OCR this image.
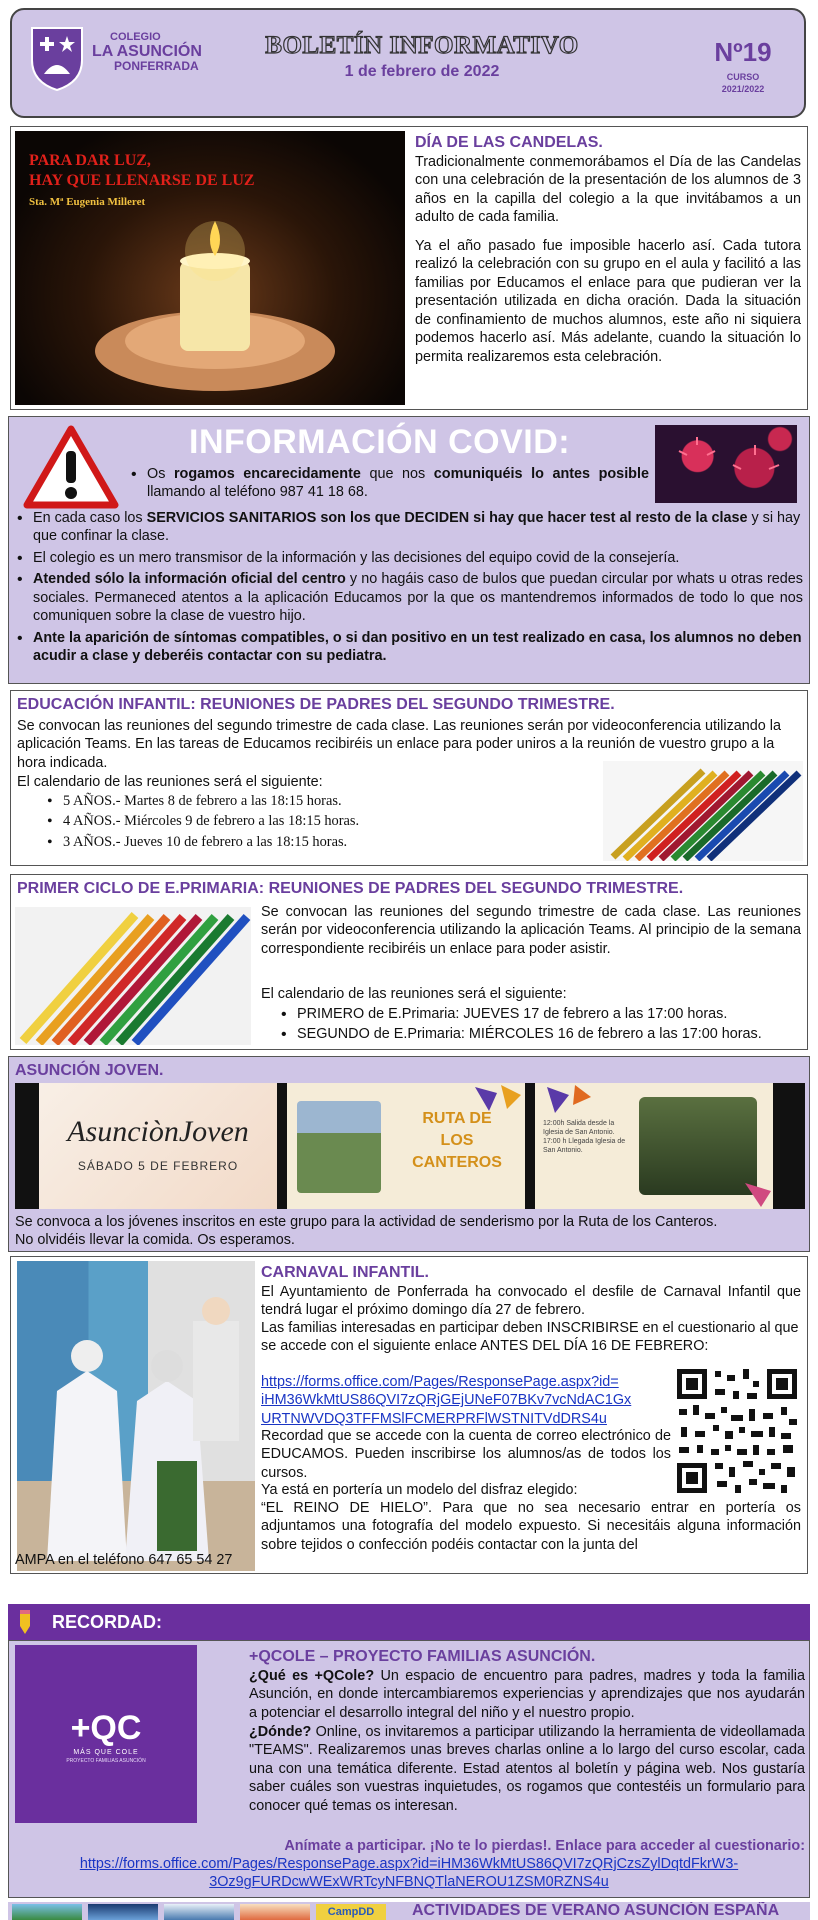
COLEGIO
LA ASUNCIÓN
PONFERRADA
BOLETÍN INFORMATIVO
1 de febrero de 2022
Nº19
CURSO
2021/2022
PARA DAR LUZ,
HAY QUE LLENARSE DE LUZ
Sta. Mª Eugenia Milleret
DÍA DE LAS CANDELAS.
Tradicionalmente conmemorábamos el Día de las Candelas con una celebración de la presentación de los alumnos de 3 años en la capilla del colegio a la que invitábamos a un adulto de cada familia.
Ya el año pasado fue imposible hacerlo así. Cada tutora realizó la celebración con su grupo en el aula y facilitó a las familias por Educamos el enlace para que pudieran ver la presentación utilizada en dicha oración. Dada la situación de confinamiento de muchos alumnos, este año ni siquiera podemos hacerlo así. Más adelante, cuando la situación lo permita realizaremos esta celebración.
INFORMACIÓN COVID:
• Os rogamos encarecidamente que nos comuniquéis lo antes posible llamando al teléfono 987 41 18 68.
• En cada caso los SERVICIOS SANITARIOS son los que DECIDEN si hay que hacer test al resto de la clase y si hay que confinar la clase.
• El colegio es un mero transmisor de la información y las decisiones del equipo covid de la consejería.
• Atended sólo la información oficial del centro y no hagáis caso de bulos que puedan circular por whats u otras redes sociales. Permaneced atentos a la aplicación Educamos por la que os mantendremos informados de todo lo que nos comuniquen sobre la clase de vuestro hijo.
• Ante la aparición de síntomas compatibles, o si dan positivo en un test realizado en casa, los alumnos no deben acudir a clase y deberéis contactar con su pediatra.
EDUCACIÓN INFANTIL: REUNIONES DE PADRES DEL SEGUNDO TRIMESTRE.
Se convocan las reuniones del segundo trimestre de cada clase. Las reuniones serán por videoconferencia utilizando la aplicación Teams. En las tareas de Educamos recibiréis un enlace para poder uniros a la reunión de vuestro grupo a la hora indicada.
El calendario de las reuniones será el siguiente:
• 5 AÑOS.- Martes 8 de febrero a las 18:15 horas.
• 4 AÑOS.- Miércoles 9 de febrero a las 18:15 horas.
• 3 AÑOS.- Jueves 10 de febrero a las 18:15 horas.
PRIMER CICLO DE E.PRIMARIA: REUNIONES DE PADRES DEL SEGUNDO TRIMESTRE.
Se convocan las reuniones del segundo trimestre de cada clase. Las reuniones serán por videoconferencia utilizando la aplicación Teams. Al principio de la semana correspondiente recibiréis un enlace para poder asistir.
El calendario de las reuniones será el siguiente:
• PRIMERO de E.Primaria: JUEVES 17 de febrero a las 17:00 horas.
• SEGUNDO de E.Primaria: MIÉRCOLES 16 de febrero a las 17:00 horas.
ASUNCIÓN JOVEN.
AsunciònJoven
SÁBADO 5 DE FEBRERO
RUTA DE
LOS
CANTEROS
12:00h Salida desde la Iglesia de San Antonio. 17:00 h Llegada Iglesia de San Antonio.
Se convoca a los jóvenes inscritos en este grupo para la actividad de senderismo por la Ruta de los Canteros.
No olvidéis llevar la comida. Os esperamos.
CARNAVAL INFANTIL.
El Ayuntamiento de Ponferrada ha convocado el desfile de Carnaval Infantil que tendrá lugar el próximo domingo día 27 de febrero.
Las familias interesadas en participar deben INSCRIBIRSE en el cuestionario al que se accede con el siguiente enlace ANTES DEL DÍA 16 DE FEBRERO:
https://forms.office.com/Pages/ResponsePage.aspx?id=
iHM36WkMtUS86QVI7zQRjGEjUNeF07BKv7vcNdAC1Gx
URTNWVDQ3TFFMSlFCMERPRFlWSTNITVdDRS4u
Recordad que se accede con la cuenta de correo electrónico de EDUCAMOS. Pueden inscribirse los alumnos/as de todos los cursos.
Ya está en portería un modelo del disfraz elegido:
“EL REINO DE HIELO”. Para que no sea necesario entrar en portería os adjuntamos una fotografía del modelo expuesto. Si necesitáis alguna información sobre tejidos o confección podéis contactar con la junta del
AMPA en el teléfono 647 65 54 27
RECORDAD:
+QC
MÁS QUE COLE
PROYECTO FAMILIAS ASUNCIÓN
+QCOLE – PROYECTO FAMILIAS ASUNCIÓN.
¿Qué es +QCole? Un espacio de encuentro para padres, madres y toda la familia Asunción, en donde intercambiaremos experiencias y aprendizajes que nos ayudarán a potenciar el desarrollo integral del niño y el nuestro propio.
¿Dónde? Online, os invitaremos a participar utilizando la herramienta de videollamada "TEAMS". Realizaremos unas breves charlas online a lo largo del curso escolar, cada una con una temática diferente. Estad atentos al boletín y página web. Nos gustaría saber cuáles son vuestras inquietudes, os rogamos que contestéis un formulario para conocer qué temas os interesan.
Anímate a participar. ¡No te lo pierdas!. Enlace para acceder al cuestionario:
https://forms.office.com/Pages/ResponsePage.aspx?id=iHM36WkMtUS86QVI7zQRjCzsZylDqtdFkrW3-
3Oz9gFURDcwWExWRTcyNFBNQTlaNEROU1ZSM0RZNS4u
CampDD	ACTIVIDADES DE VERANO ASUNCIÓN ESPAÑA
